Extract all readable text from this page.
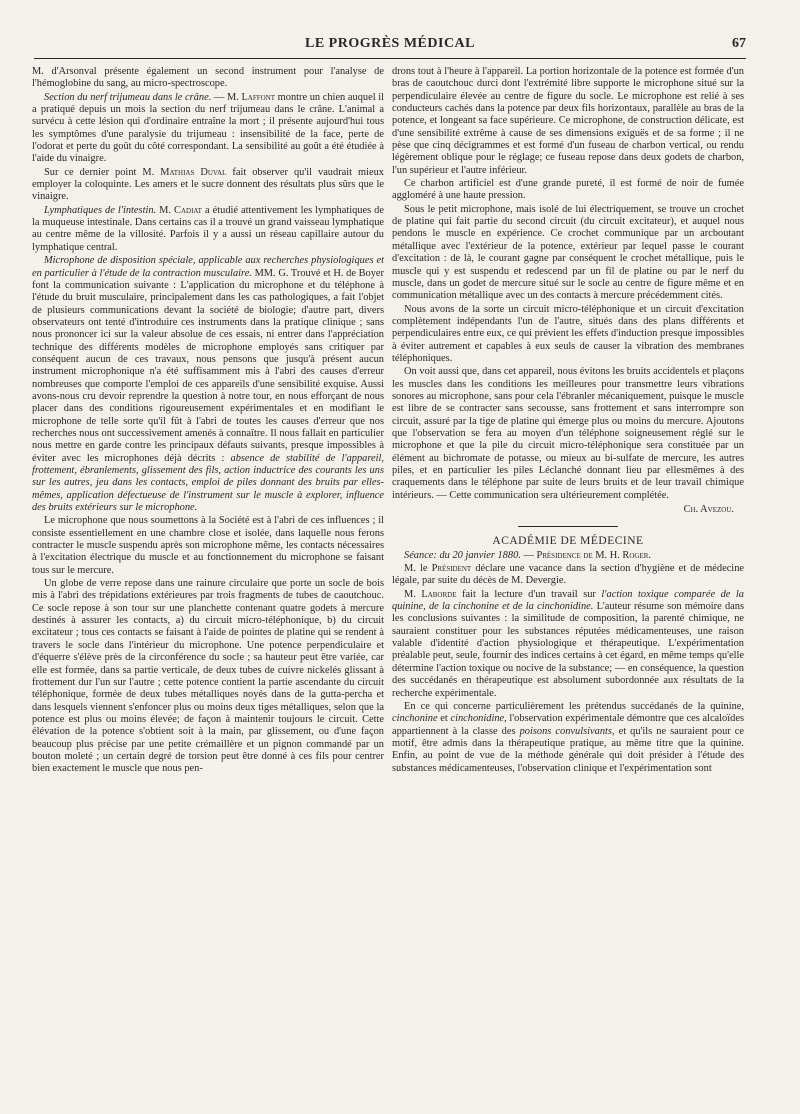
LE PROGRÈS MÉDICAL	67

M. d'Arsonval présente également un second instrument pour l'analyse de l'hémoglobine du sang, au micro-spectroscope.

Section du nerf trijumeau dans le crâne. — M. Laffont montre un chien auquel il a pratiqué depuis un mois la section du nerf trijumeau dans le crâne. L'animal a survécu à cette lésion qui d'ordinaire entraîne la mort ; il présente aujourd'hui tous les symptômes d'une paralysie du trijumeau : insensibilité de la face, perte de l'odorat et perte du goût du côté correspondant. La sensibilité au goût a été étudiée à l'aide du vinaigre.

Sur ce dernier point M. Mathias Duval fait observer qu'il vaudrait mieux employer la coloquinte. Les amers et le sucre donnent des résultats plus sûrs que le vinaigre.

Lymphatiques de l'intestin. M. Cadiat a étudié attentivement les lymphatiques de la muqueuse intestinale. Dans certains cas il a trouvé un grand vaisseau lymphatique au centre même de la villosité. Parfois il y a aussi un réseau capillaire autour du lymphatique central.

Microphone de disposition spéciale, applicable aux recherches physiologiques et en particulier à l'étude de la contraction musculaire. MM. G. Trouvé et H. de Boyer font la communication suivante : L'application du microphone et du téléphone à l'étude du bruit musculaire, principalement dans les cas pathologiques, a fait l'objet de plusieurs communications devant la société de biologie; d'autre part, divers observateurs ont tenté d'introduire ces instruments dans la pratique clinique ; sans nous prononcer ici sur la valeur absolue de ces essais, ni entrer dans l'appréciation technique des différents modèles de microphone employés sans critiquer par conséquent aucun de ces travaux, nous pensons que jusqu'à présent aucun instrument microphonique n'a été suffisamment mis à l'abri des causes d'erreur nombreuses que comporte l'emploi de ces appareils d'une sensibilité exquise. Aussi avons-nous cru devoir reprendre la question à notre tour, en nous efforçant de nous placer dans des conditions rigoureusement expérimentales et en modifiant le microphone de telle sorte qu'il fût à l'abri de toutes les causes d'erreur que nos recherches nous ont successivement amenés à connaître. Il nous fallait en particulier nous mettre en garde contre les principaux défauts suivants, presque impossibles à éviter avec les microphones déjà décrits : absence de stabilité de l'appareil, frottement, ébranlements, glissement des fils, action inductrice des courants les uns sur les autres, jeu dans les contacts, emploi de piles donnant des bruits par elles-mêmes, application défectueuse de l'instrument sur le muscle à explorer, influence des bruits extérieurs sur le microphone.

Le microphone que nous soumettons à la Société est à l'abri de ces influences ; il consiste essentiellement en une chambre close et isolée, dans laquelle nous ferons contracter le muscle suspendu après son microphone même, les contacts nécessaires à l'excitation électrique du muscle et au fonctionnement du microphone se faisant tous sur le mercure.

Un globe de verre repose dans une rainure circulaire que porte un socle de bois mis à l'abri des trépidations extérieures par trois fragments de tubes de caoutchouc. Ce socle repose à son tour sur une planchette contenant quatre godets à mercure destinés à assurer les contacts, a) du circuit micro-téléphonique, b) du circuit excitateur ; tous ces contacts se faisant à l'aide de pointes de platine qui se rendent à travers le socle dans l'intérieur du microphone. Une potence perpendiculaire et d'équerre s'élève près de la circonférence du socle ; sa hauteur peut être variée, car elle est formée, dans sa partie verticale, de deux tubes de cuivre nickelés glissant à frottement dur l'un sur l'autre ; cette potence contient la partie ascendante du circuit téléphonique, formée de deux tubes métalliques noyés dans de la gutta-percha et dans lesquels viennent s'enfoncer plus ou moins deux tiges métalliques, selon que la potence est plus ou moins élevée; de façon à maintenir toujours le circuit. Cette élévation de la potence s'obtient soit à la main, par glissement, ou d'une façon beaucoup plus précise par une petite crémaillère et un pignon commandé par un bouton moleté ; un certain degré de torsion peut être donné à ces fils pour centrer bien exactement le muscle que nous pen-

drons tout à l'heure à l'appareil. La portion horizontale de la potence est formée d'un bras de caoutchouc durci dont l'extrémité libre supporte le microphone situé sur la perpendiculaire élevée au centre de figure du socle. Le microphone est relié à ses conducteurs cachés dans la potence par deux fils horizontaux, parallèle au bras de la potence, et longeant sa face supérieure. Ce microphone, de construction délicate, est d'une sensibilité extrême à cause de ses dimensions exiguës et de sa forme ; il ne pèse que cinq décigrammes et est formé d'un fuseau de charbon vertical, ou rendu légèrement oblique pour le réglage; ce fuseau repose dans deux godets de charbon, l'un supérieur et l'autre inférieur.

Ce charbon artificiel est d'une grande pureté, il est formé de noir de fumée aggloméré à une haute pression.

Sous le petit microphone, mais isolé de lui électriquement, se trouve un crochet de platine qui fait partie du second circuit (du circuit excitateur), et auquel nous pendons le muscle en expérience. Ce crochet communique par un arcboutant métallique avec l'extérieur de la potence, extérieur par lequel passe le courant d'excitation : de là, le courant gagne par conséquent le crochet métallique, puis le muscle qui y est suspendu et redescend par un fil de platine ou par le nerf du muscle, dans un godet de mercure situé sur le socle au centre de figure même et en communication métallique avec un des contacts à mercure précédemment cités.

Nous avons de la sorte un circuit micro-téléphonique et un circuit d'excitation complètement indépendants l'un de l'autre, situés dans des plans différents et perpendiculaires entre eux, ce qui prévient les effets d'induction presque impossibles à éviter autrement et capables à eux seuls de causer la vibration des membranes téléphoniques.

On voit aussi que, dans cet appareil, nous évitons les bruits accidentels et plaçons les muscles dans les conditions les meilleures pour transmettre leurs vibrations sonores au microphone, sans pour cela l'ébranler mécaniquement, puisque le muscle est libre de se contracter sans secousse, sans frottement et sans interrompre son circuit, assuré par la tige de platine qui émerge plus ou moins du mercure. Ajoutons que l'observation se fera au moyen d'un téléphone soigneusement réglé sur le microphone et que la pile du circuit micro-téléphonique sera constituée par un élément au bichromate de potasse, ou mieux au bi-sulfate de mercure, les autres piles, et en particulier les piles Léclanché donnant lieu par ellesmêmes à des craquements dans le téléphone par suite de leurs bruits et de leur travail chimique intérieurs. — Cette communication sera ultérieurement complétée.

Ch. Avezou.
ACADÉMIE DE MÉDECINE

Séance: du 20 janvier 1880. — Présidence de M. H. Roger.

M. le Président déclare une vacance dans la section d'hygiène et de médecine légale, par suite du décès de M. Devergie.

M. Laborde fait la lecture d'un travail sur l'action toxique comparée de la quinine, de la cinchonine et de la cinchonidine. L'auteur résume son mémoire dans les conclusions suivantes : la similitude de composition, la parenté chimique, ne sauraient constituer pour les substances réputées médicamenteuses, une raison valable d'identité d'action physiologique et thérapeutique. L'expérimentation préalable peut, seule, fournir des indices certains à cet égard, en même temps qu'elle détermine l'action toxique ou nocive de la substance; — en conséquence, la question des succédanés en thérapeutique est absolument subordonnée aux résultats de la recherche expérimentale.

En ce qui concerne particulièrement les prétendus succédanés de la quinine, cinchonine et cinchonidine, l'observation expérimentale démontre que ces alcaloïdes appartiennent à la classe des poisons convulsivants, et qu'ils ne sauraient pour ce motif, être admis dans la thérapeutique pratique, au même titre que la quinine. Enfin, au point de vue de la méthode générale qui doit présider à l'étude des substances médicamenteuses, l'observation clinique et l'expérimentation sont
